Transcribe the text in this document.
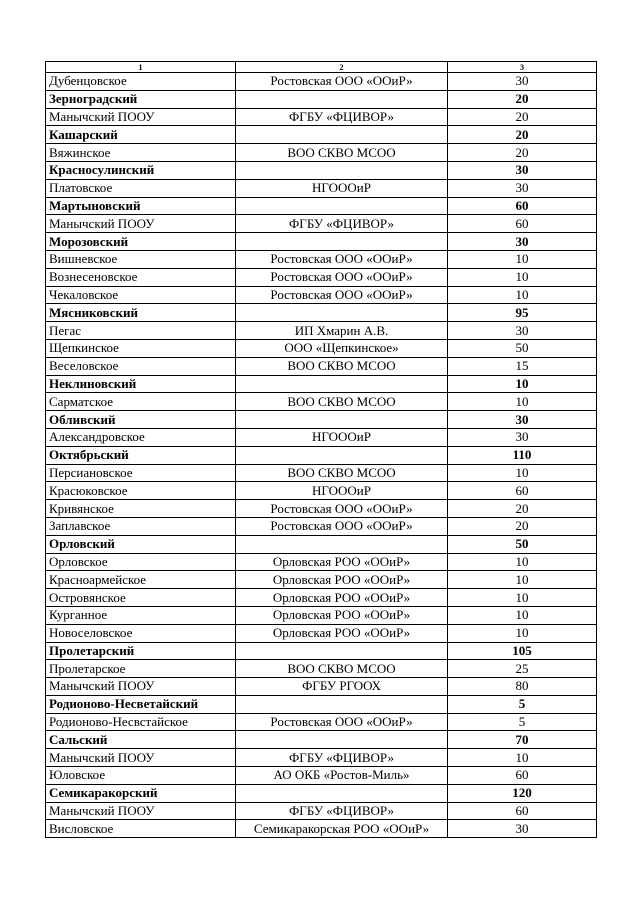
1	2	3
Дубенцовское	Ростовская ООО «ООиР»	30
Зерноградский		20
Манычский ПООУ	ФГБУ «ФЦИВОР»	20
Кашарский		20
Вяжинское	ВОО СКВО МСОО	20
Красносулинский		30
Платовское	НГОООиР	30
Мартыновский		60
Манычский ПООУ	ФГБУ «ФЦИВОР»	60
Морозовский		30
Вишневское	Ростовская ООО «ООиР»	10
Вознесеновское	Ростовская ООО «ООиР»	10
Чекаловское	Ростовская ООО «ООиР»	10
Мясниковский		95
Пегас	ИП Хмарин А.В.	30
Щепкинское	ООО «Щепкинское»	50
Веселовское	ВОО СКВО МСОО	15
Неклиновский		10
Сарматское	ВОО СКВО МСОО	10
Обливский		30
Александровское	НГОООиР	30
Октябрьский		110
Персиановское	ВОО СКВО МСОО	10
Красюковское	НГОООиР	60
Кривянское	Ростовская ООО «ООиР»	20
Заплавское	Ростовская ООО «ООиР»	20
Орловский		50
Орловское	Орловская РОО «ООиР»	10
Красноармейское	Орловская РОО «ООиР»	10
Островянское	Орловская РОО «ООиР»	10
Курганное	Орловская РОО «ООиР»	10
Новоселовское	Орловская РОО «ООиР»	10
Пролетарский		105
Пролетарское	ВОО СКВО МСОО	25
Манычский ПООУ	ФГБУ РГООХ	80
Родионово-Несветайский		5
Родионово-Несвстайское	Ростовская ООО «ООиР»	5
Сальский		70
Манычский ПООУ	ФГБУ «ФЦИВОР»	10
Юловское	АО ОКБ «Ростов-Миль»	60
Семикаракорский		120
Манычский ПООУ	ФГБУ «ФЦИВОР»	60
Висловское	Семикаракорская РОО «ООиР»	30
